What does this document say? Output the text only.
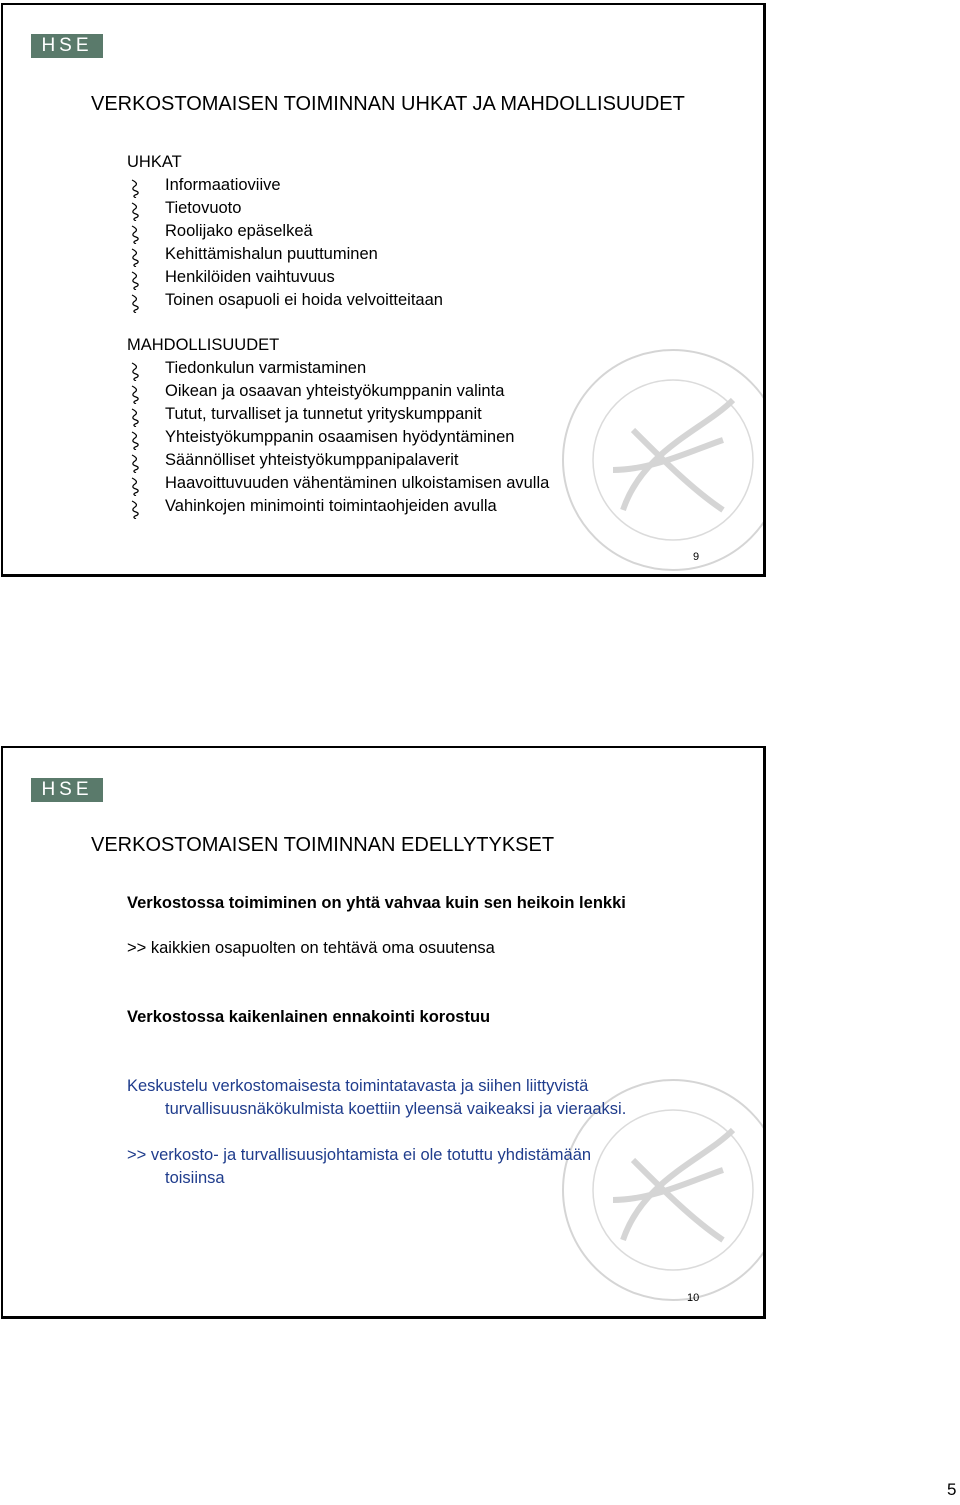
HSE
VERKOSTOMAISEN TOIMINNAN UHKAT JA MAHDOLLISUUDET
UHKAT
Informaatioviive
Tietovuoto
Roolijako epäselkeä
Kehittämishalun puuttuminen
Henkilöiden vaihtuvuus
Toinen osapuoli ei hoida velvoitteitaan
MAHDOLLISUUDET
Tiedonkulun varmistaminen
Oikean ja osaavan yhteistyökumppanin valinta
Tutut, turvalliset ja tunnetut yrityskumppanit
Yhteistyökumppanin osaamisen hyödyntäminen
Säännölliset yhteistyökumppanipalaverit
Haavoittuvuuden vähentäminen ulkoistamisen avulla
Vahinkojen minimointi toimintaohjeiden avulla
9
HSE
VERKOSTOMAISEN TOIMINNAN EDELLYTYKSET
Verkostossa toimiminen on yhtä vahvaa kuin sen heikoin lenkki
>> kaikkien osapuolten on tehtävä oma osuutensa
Verkostossa kaikenlainen ennakointi korostuu
Keskustelu verkostomaisesta toimintatavasta ja siihen liittyvistä
turvallisuusnäkökulmista koettiin yleensä vaikeaksi ja vieraaksi.
>> verkosto- ja turvallisuusjohtamista ei ole totuttu yhdistämään
toisiinsa
10
5
